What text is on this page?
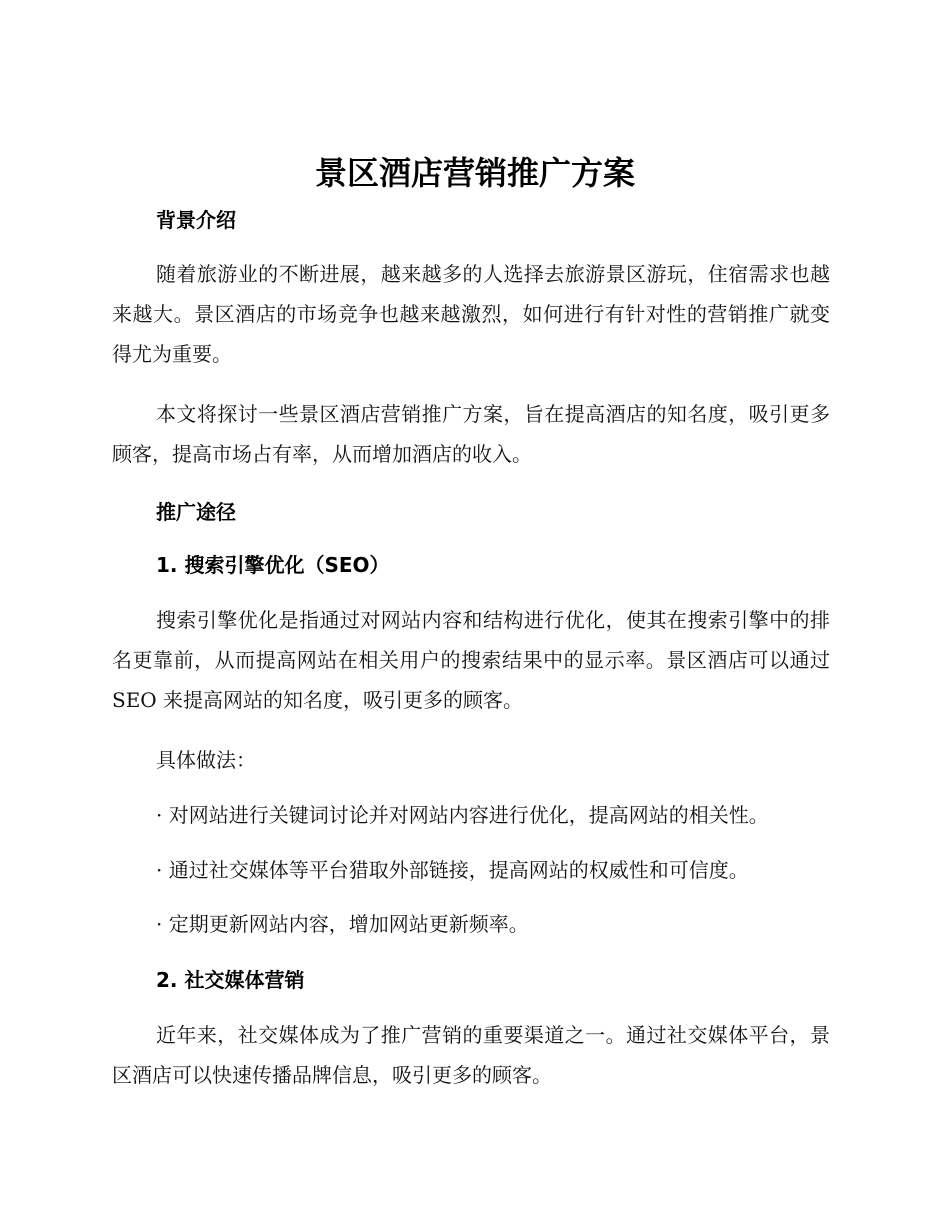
景区酒店营销推广方案
背景介绍

随着旅游业的不断进展，越来越多的人选择去旅游景区游玩，住宿需求也越来越大。景区酒店的市场竞争也越来越激烈，如何进行有针对性的营销推广就变得尤为重要。

本文将探讨一些景区酒店营销推广方案，旨在提高酒店的知名度，吸引更多顾客，提高市场占有率，从而增加酒店的收入。

推广途径
1. 搜索引擎优化（SEO）

搜索引擎优化是指通过对网站内容和结构进行优化，使其在搜索引擎中的排名更靠前，从而提高网站在相关用户的搜索结果中的显示率。景区酒店可以通过 SEO 来提高网站的知名度，吸引更多的顾客。

具体做法：

· 对网站进行关键词讨论并对网站内容进行优化，提高网站的相关性。

· 通过社交媒体等平台猎取外部链接，提高网站的权威性和可信度。

· 定期更新网站内容，增加网站更新频率。

2. 社交媒体营销

近年来，社交媒体成为了推广营销的重要渠道之一。通过社交媒体平台，景区酒店可以快速传播品牌信息，吸引更多的顾客。
